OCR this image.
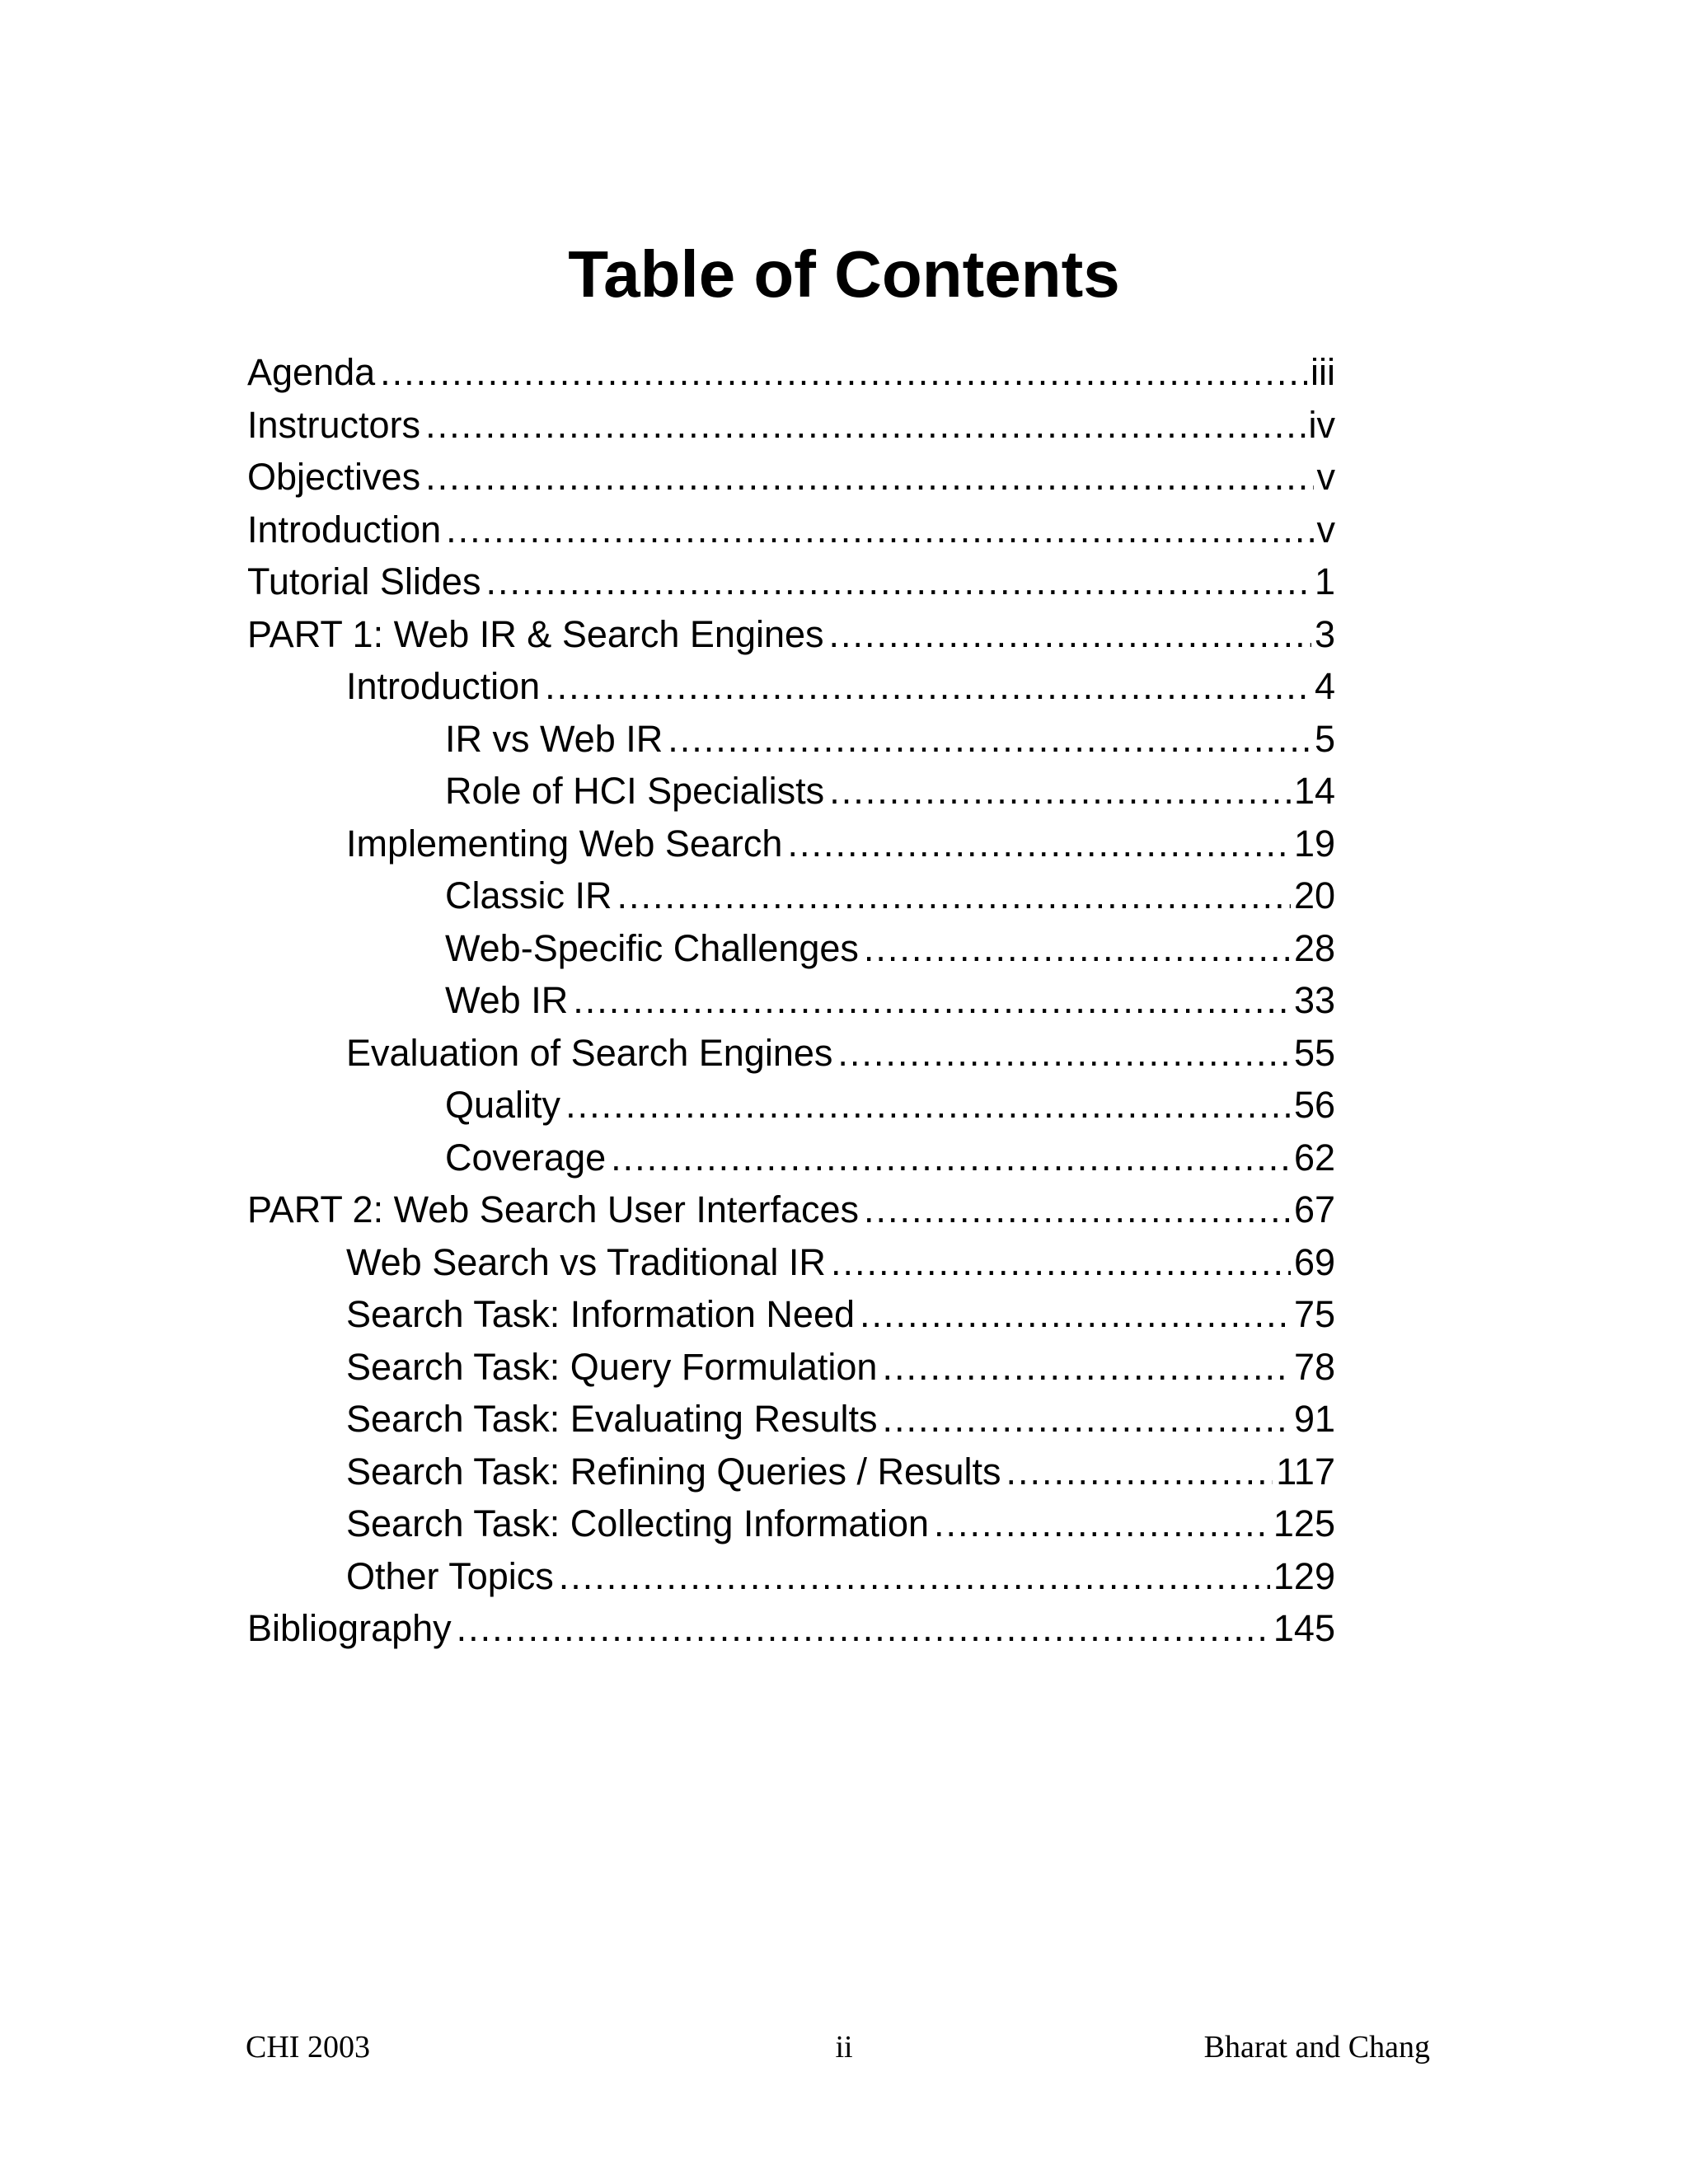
Table of Contents
Agenda .....	iii
Instructors .....	iv
Objectives .....	v
Introduction .....	v
Tutorial Slides .....	1
PART 1: Web IR & Search Engines .....	3
Introduction .....	4
IR vs Web IR .....	5
Role of HCI Specialists .....	14
Implementing Web Search .....	19
Classic IR .....	20
Web-Specific Challenges .....	28
Web IR .....	33
Evaluation of Search Engines .....	55
Quality .....	56
Coverage .....	62
PART 2: Web Search User Interfaces .....	67
Web Search vs Traditional IR .....	69
Search Task: Information Need .....	75
Search Task: Query Formulation .....	78
Search Task: Evaluating Results .....	91
Search Task: Refining Queries / Results .....	117
Search Task: Collecting Information .....	125
Other Topics .....	129
Bibliography .....	145
CHI 2003	ii	Bharat and Chang
